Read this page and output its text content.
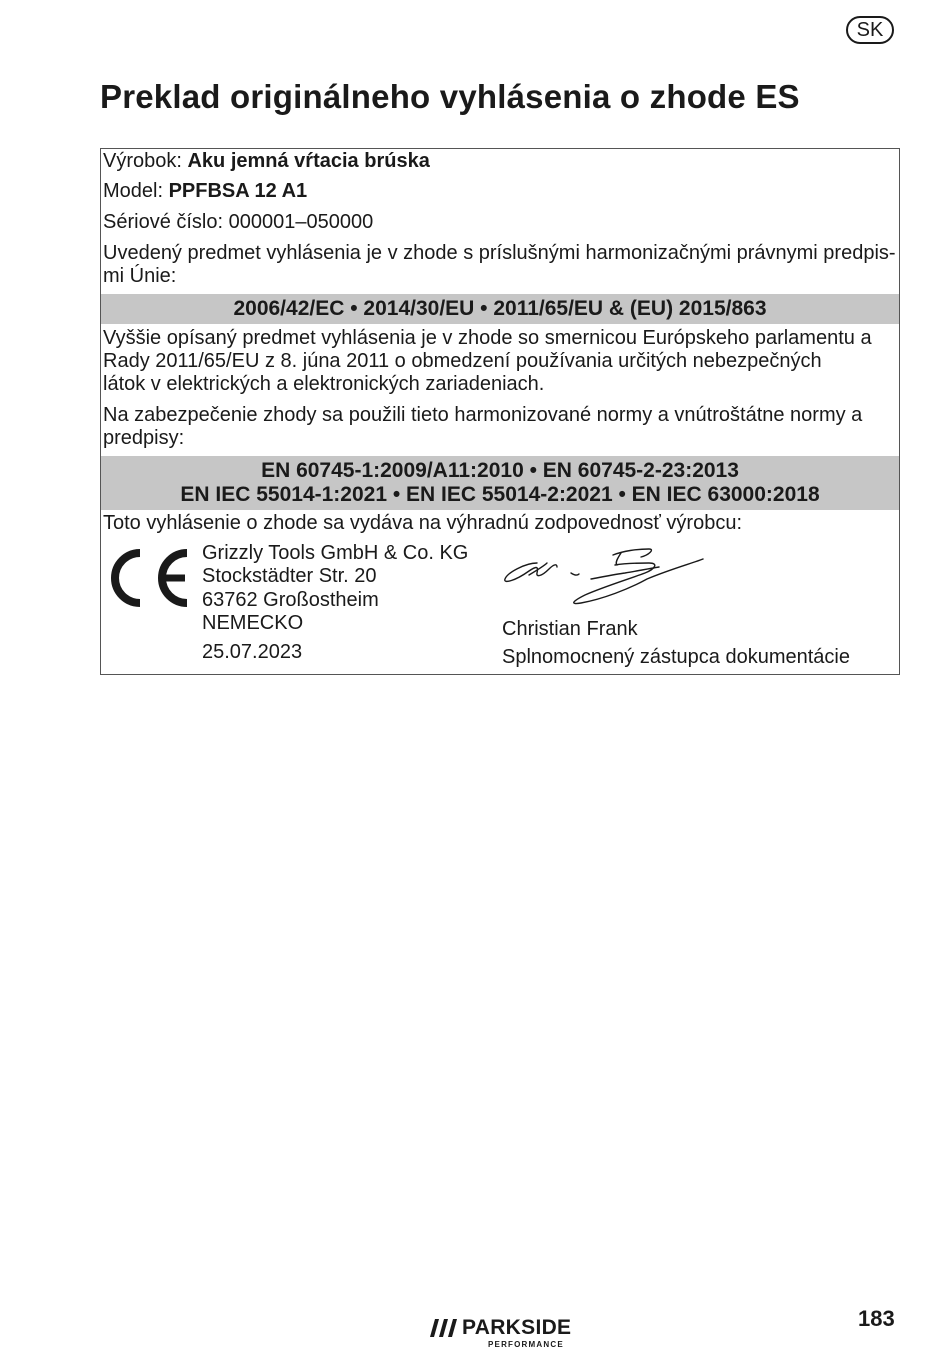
SK
Preklad originálneho vyhlásenia o zhode ES
Výrobok: Aku jemná vŕtacia brúska
Model: PPFBSA 12 A1
Sériové číslo: 000001–050000
Uvedený predmet vyhlásenia je v zhode s príslušnými harmonizačnými právnymi predpis-
mi Únie:
2006/42/EC • 2014/30/EU • 2011/65/EU & (EU) 2015/863
Vyššie opísaný predmet vyhlásenia je v zhode so smernicou Európskeho parlamentu a
Rady 2011/65/EU z 8. júna 2011 o obmedzení používania určitých nebezpečných
látok v elektrických a elektronických zariadeniach.
Na zabezpečenie zhody sa použili tieto harmonizované normy a vnútroštátne normy a
predpisy:
EN 60745-1:2009/A11:2010 • EN 60745-2-23:2013
EN IEC 55014-1:2021 • EN IEC 55014-2:2021 • EN IEC 63000:2018
Toto vyhlásenie o zhode sa vydáva na výhradnú zodpovednosť výrobcu:
Grizzly Tools GmbH & Co. KG
Stockstädter Str. 20
63762 Großostheim
NEMECKO
25.07.2023
Christian Frank
Splnomocnený zástupca dokumentácie
PARKSIDE
PERFORMANCE
183
